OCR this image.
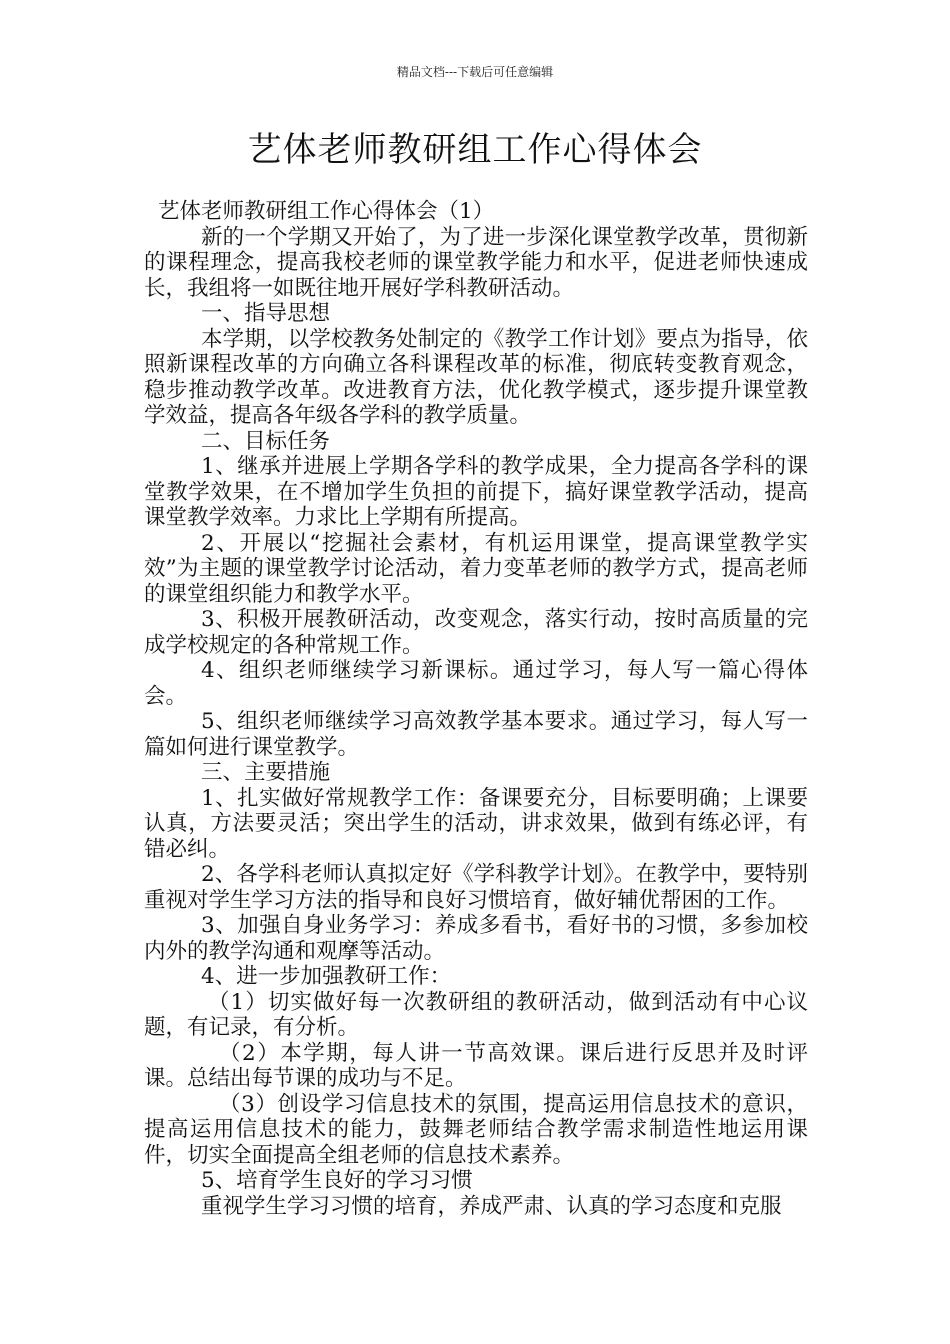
精品文档---下载后可任意编辑
艺体老师教研组工作心得体会

艺体老师教研组工作心得体会（1）

新的一个学期又开始了，为了进一步深化课堂教学改革，贯彻新的课程理念，提高我校老师的课堂教学能力和水平，促进老师快速成长，我组将一如既往地开展好学科教研活动。

一、指导思想

本学期，以学校教务处制定的《教学工作计划》要点为指导，依照新课程改革的方向确立各科课程改革的标准，彻底转变教育观念，稳步推动教学改革。改进教育方法，优化教学模式，逐步提升课堂教学效益，提高各年级各学科的教学质量。

二、目标任务

1、继承并进展上学期各学科的教学成果，全力提高各学科的课堂教学效果，在不增加学生负担的前提下，搞好课堂教学活动，提高课堂教学效率。力求比上学期有所提高。

2、开展以“挖掘社会素材，有机运用课堂，提高课堂教学实效”为主题的课堂教学讨论活动，着力变革老师的教学方式，提高老师的课堂组织能力和教学水平。

3、积极开展教研活动，改变观念，落实行动，按时高质量的完成学校规定的各种常规工作。

4、组织老师继续学习新课标。通过学习，每人写一篇心得体会。

5、组织老师继续学习高效教学基本要求。通过学习，每人写一篇如何进行课堂教学。

三、主要措施

1、扎实做好常规教学工作：备课要充分，目标要明确；上课要认真，方法要灵活；突出学生的活动，讲求效果，做到有练必评，有错必纠。

2、各学科老师认真拟定好《学科教学计划》。在教学中，要特别重视对学生学习方法的指导和良好习惯培育，做好辅优帮困的工作。

3、加强自身业务学习：养成多看书，看好书的习惯，多参加校内外的教学沟通和观摩等活动。

4、进一步加强教研工作：

（1）切实做好每一次教研组的教研活动，做到活动有中心议题，有记录，有分析。

（2）本学期，每人讲一节高效课。课后进行反思并及时评课。总结出每节课的成功与不足。

（3）创设学习信息技术的氛围，提高运用信息技术的意识，提高运用信息技术的能力，鼓舞老师结合教学需求制造性地运用课件，切实全面提高全组老师的信息技术素养。

5、培育学生良好的学习习惯

重视学生学习习惯的培育，养成严肃、认真的学习态度和克服
